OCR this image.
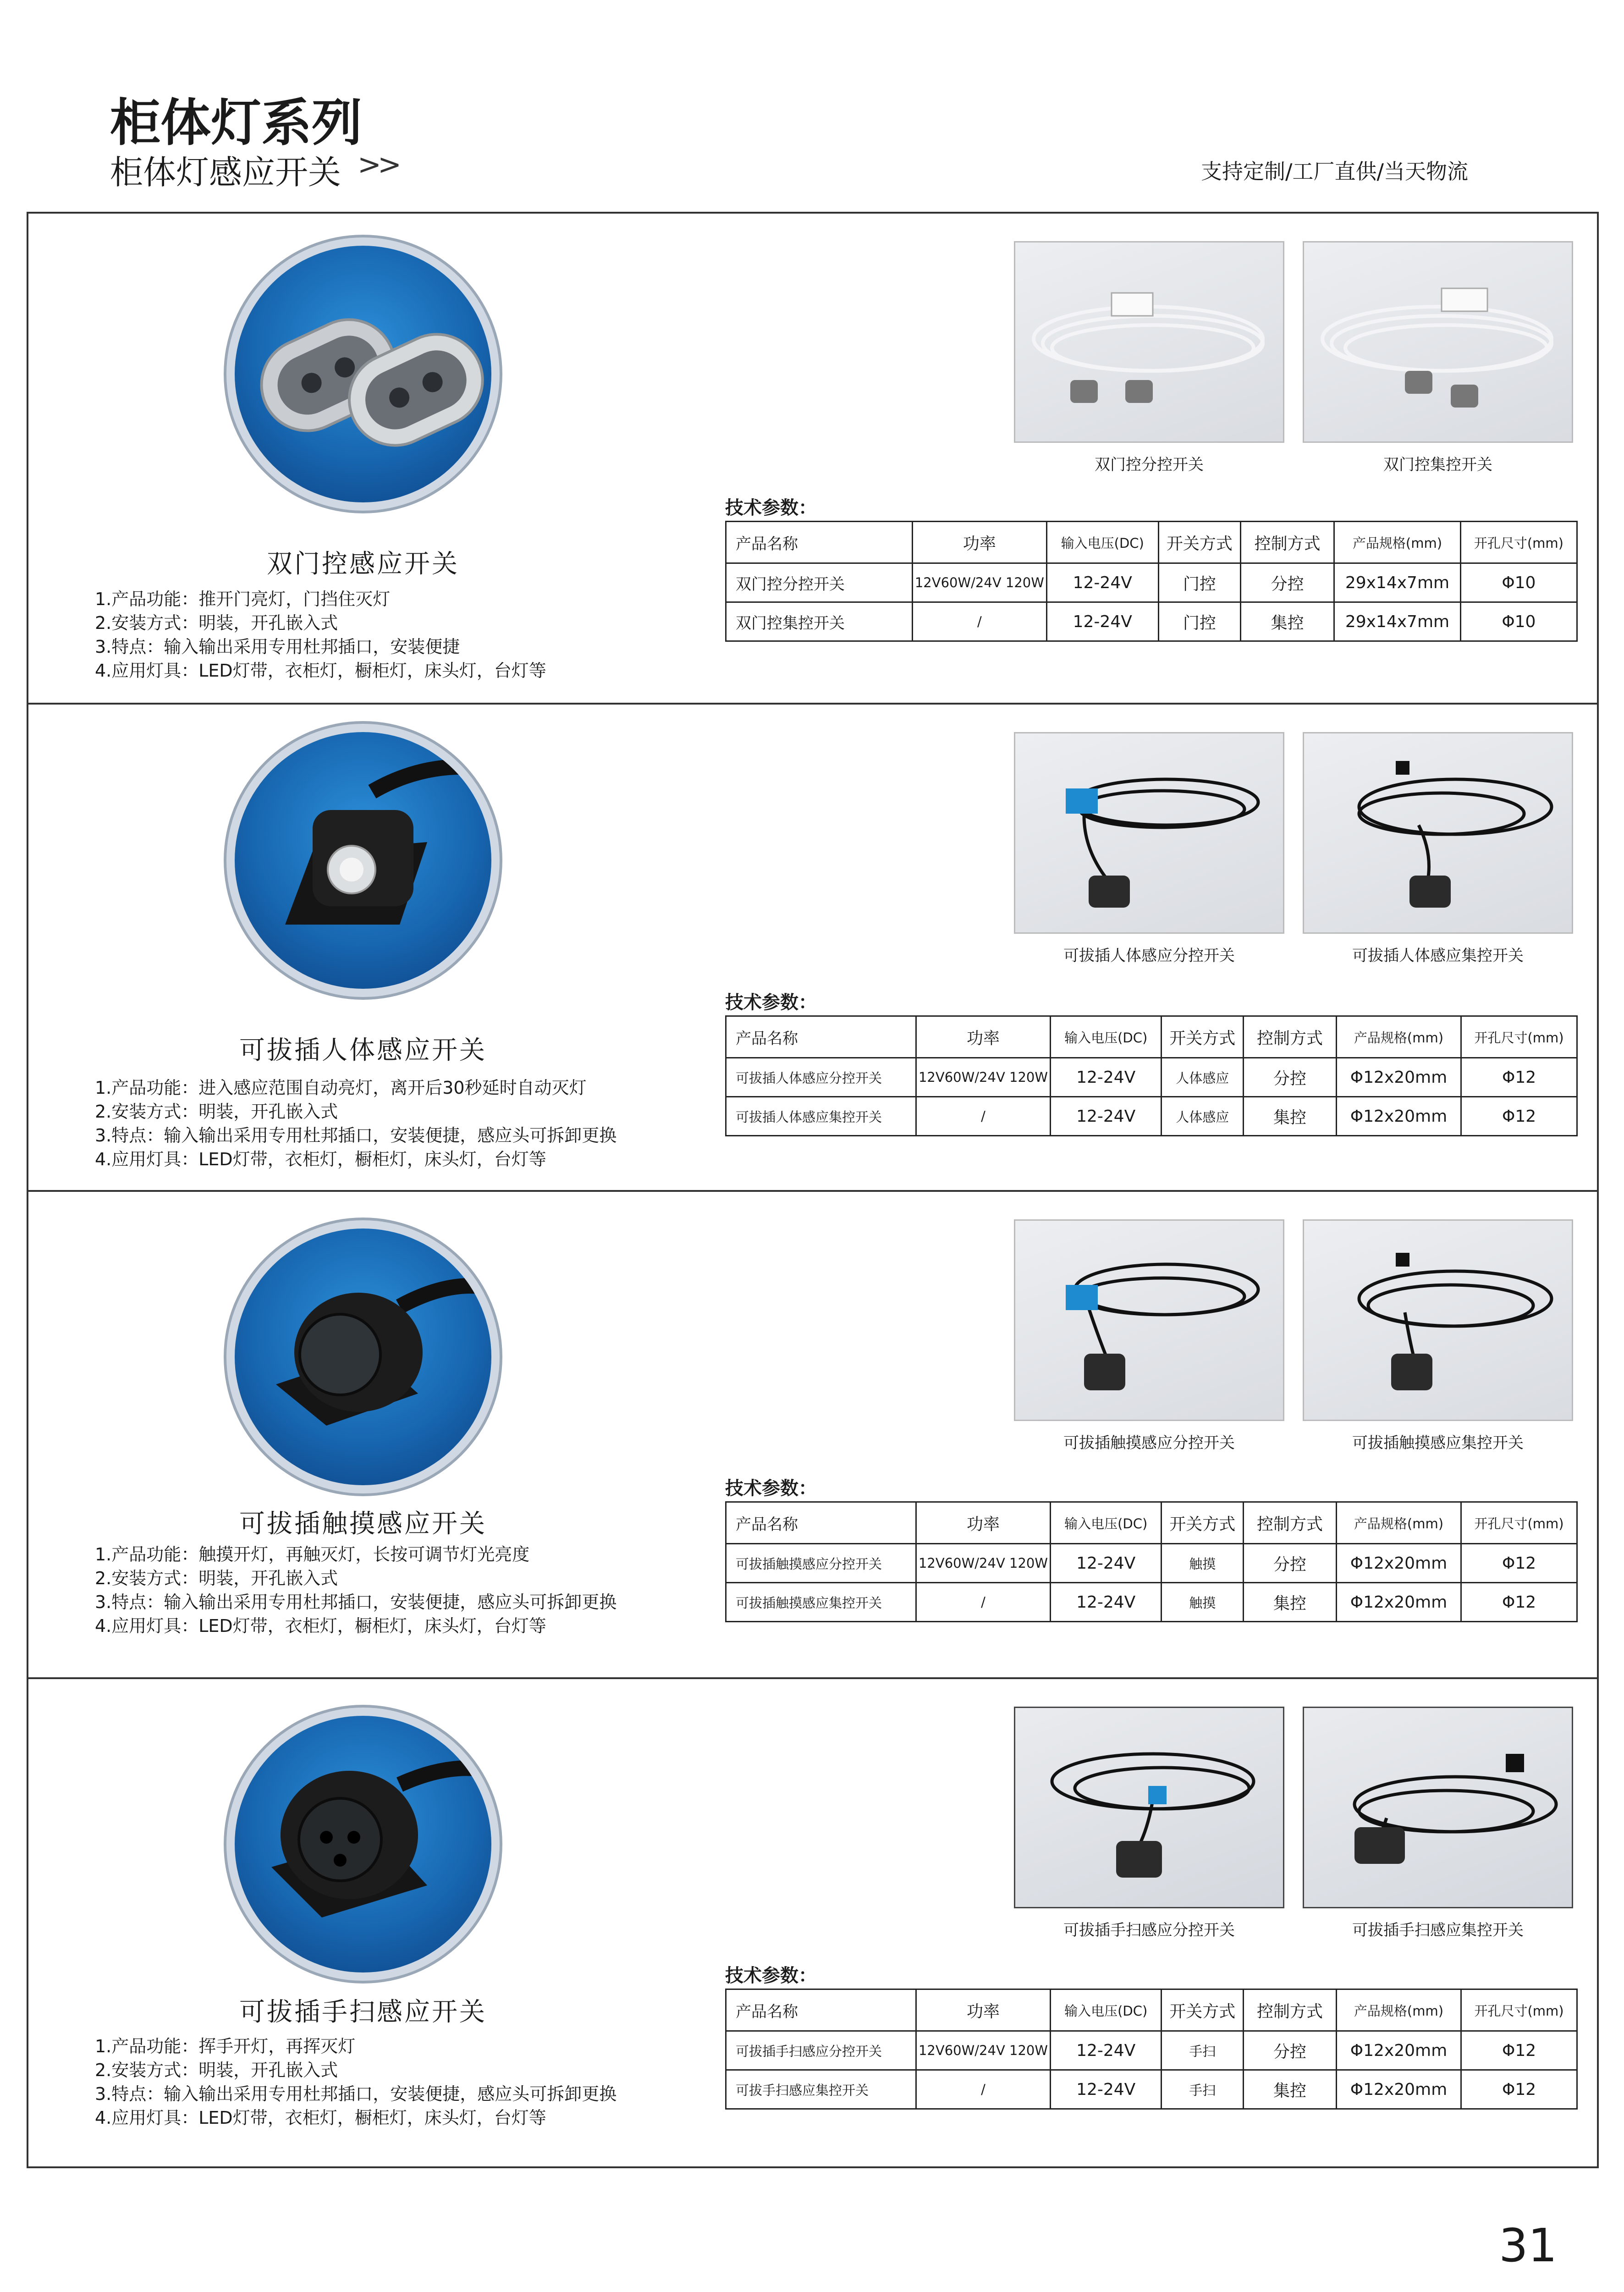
柜体灯系列
柜体灯感应开关 >>	支持定制/工厂直供/当天物流
双门控感应开关
1.产品功能：推开门亮灯，门挡住灭灯
2.安装方式：明装，开孔嵌入式
3.特点：输入输出采用专用杜邦插口，安装便捷
4.应用灯具：LED灯带，衣柜灯，橱柜灯，床头灯，台灯等
双门控分控开关	双门控集控开关
技术参数：
产品名称	功率	输入电压(DC)	开关方式	控制方式	产品规格(mm)	开孔尺寸(mm)
双门控分控开关	12V60W/24V 120W	12-24V	门控	分控	29x14x7mm	Φ10
双门控集控开关	/	12-24V	门控	集控	29x14x7mm	Φ10
可拔插人体感应开关
1.产品功能：进入感应范围自动亮灯，离开后30秒延时自动灭灯
2.安装方式：明装，开孔嵌入式
3.特点：输入输出采用专用杜邦插口，安装便捷，感应头可拆卸更换
4.应用灯具：LED灯带，衣柜灯，橱柜灯，床头灯，台灯等
可拔插人体感应分控开关	可拔插人体感应集控开关
技术参数：
产品名称	功率	输入电压(DC)	开关方式	控制方式	产品规格(mm)	开孔尺寸(mm)
可拔插人体感应分控开关	12V60W/24V 120W	12-24V	人体感应	分控	Φ12x20mm	Φ12
可拔插人体感应集控开关	/	12-24V	人体感应	集控	Φ12x20mm	Φ12
可拔插触摸感应开关
1.产品功能：触摸开灯，再触灭灯，长按可调节灯光亮度
2.安装方式：明装，开孔嵌入式
3.特点：输入输出采用专用杜邦插口，安装便捷，感应头可拆卸更换
4.应用灯具：LED灯带，衣柜灯，橱柜灯，床头灯，台灯等
可拔插触摸感应分控开关	可拔插触摸感应集控开关
技术参数：
产品名称	功率	输入电压(DC)	开关方式	控制方式	产品规格(mm)	开孔尺寸(mm)
可拔插触摸感应分控开关	12V60W/24V 120W	12-24V	触摸	分控	Φ12x20mm	Φ12
可拔插触摸感应集控开关	/	12-24V	触摸	集控	Φ12x20mm	Φ12
可拔插手扫感应开关
1.产品功能：挥手开灯，再挥灭灯
2.安装方式：明装，开孔嵌入式
3.特点：输入输出采用专用杜邦插口，安装便捷，感应头可拆卸更换
4.应用灯具：LED灯带，衣柜灯，橱柜灯，床头灯，台灯等
可拔插手扫感应分控开关	可拔插手扫感应集控开关
技术参数：
产品名称	功率	输入电压(DC)	开关方式	控制方式	产品规格(mm)	开孔尺寸(mm)
可拔插手扫感应分控开关	12V60W/24V 120W	12-24V	手扫	分控	Φ12x20mm	Φ12
可拔手扫感应集控开关	/	12-24V	手扫	集控	Φ12x20mm	Φ12
31
